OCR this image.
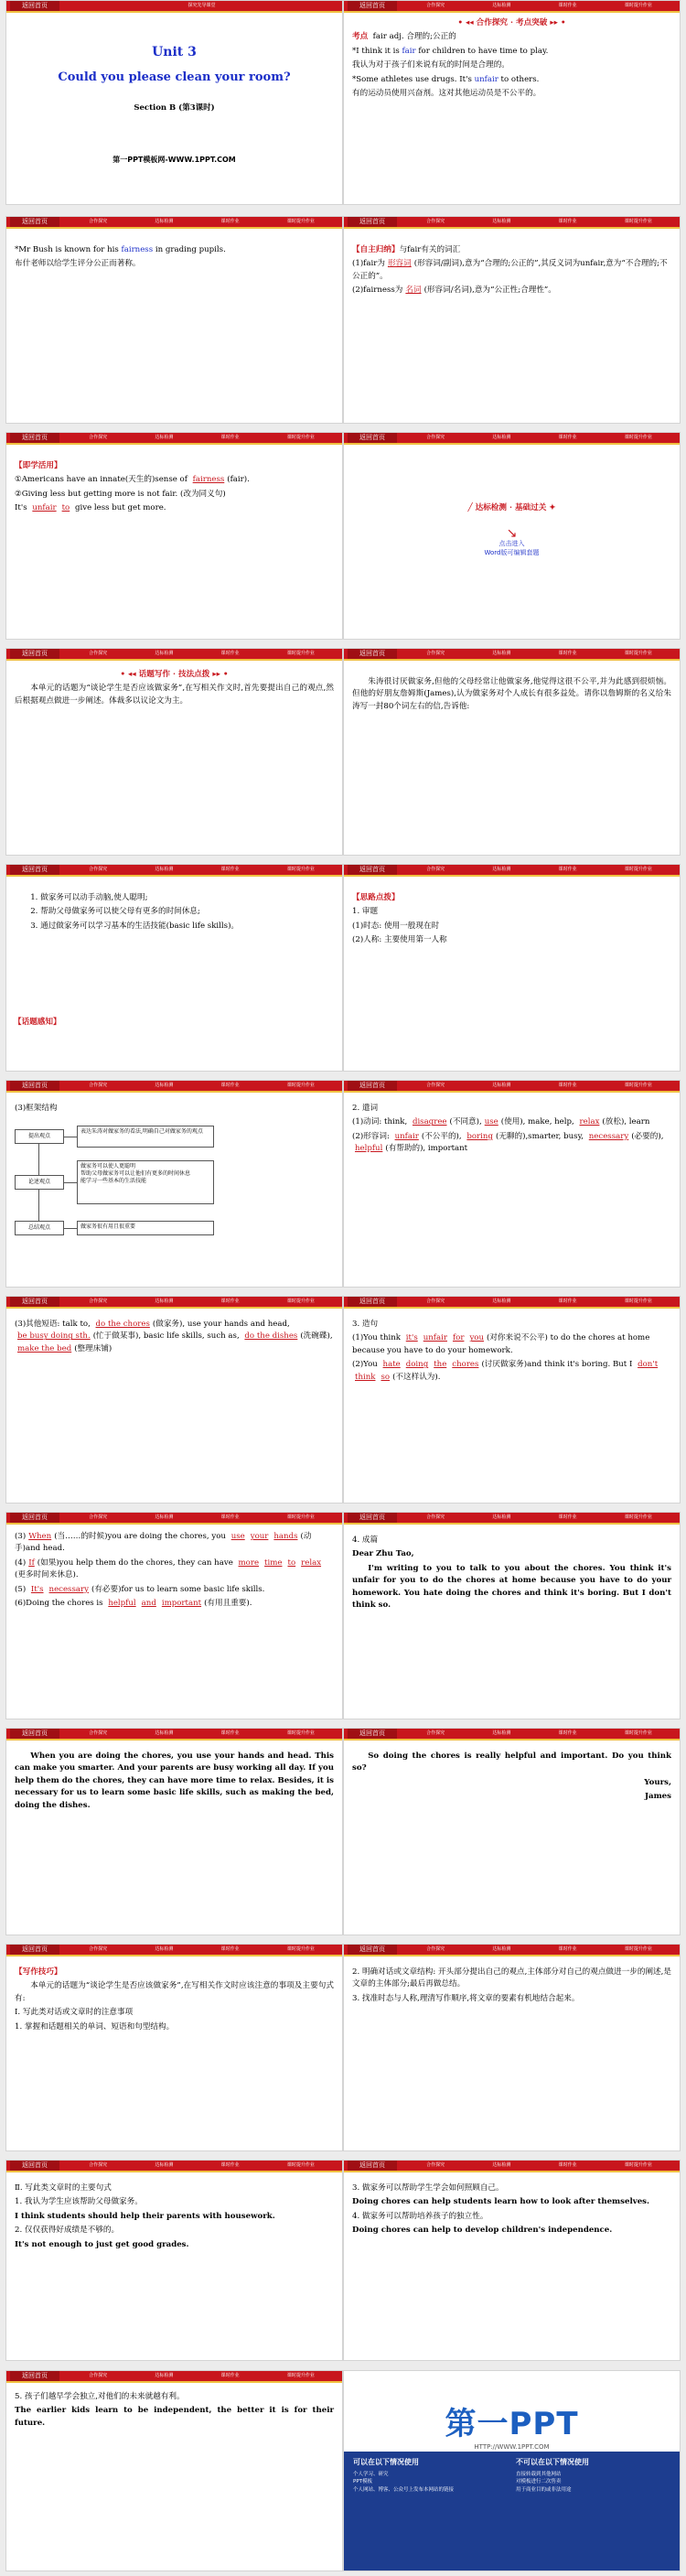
返回首页	探究先导课堂
Unit 3
Could you please clean your room?
Section B (第3课时)
第一PPT模板网-WWW.1PPT.COM
返回首页	合作探究	达标检测	课时作业	课时提升作业

• ◂◂ 合作探究 · 考点突破 ▸▸ •

考点 fair adj. 合理的;公正的

*I think it is fair for children to have time to play.

我认为对于孩子们来说有玩的时间是合理的。

*Some athletes use drugs. It's unfair to others.

有的运动员使用兴奋剂。这对其他运动员是不公平的。

返回首页	合作探究	达标检测	课时作业	课时提升作业

*Mr Bush is known for his fairness in grading pupils.

布什老师以给学生评分公正而著称。

返回首页	合作探究	达标检测	课时作业	课时提升作业

【自主归纳】与fair有关的词汇

(1)fair为 形容词 (形容词/副词),意为“合理的;公正的”,其反义词为unfair,意为“不合理的;不公正的”。

(2)fairness为 名词 (形容词/名词),意为“公正性;合理性”。

返回首页	合作探究	达标检测	课时作业	课时提升作业

【即学活用】

①Americans have an innate(天生的)sense of fairness (fair).

②Giving less but getting more is not fair. (改为同义句)

It's unfair to give less but get more.

返回首页	合作探究	达标检测	课时作业	课时提升作业

╱ 达标检测 · 基础过关 ✦

↘
点击进入
Word版可编辑套题
返回首页	合作探究	达标检测	课时作业	课时提升作业

• ◂◂ 话题写作 · 技法点拨 ▸▸ •

本单元的话题为“谈论学生是否应该做家务”,在写相关作文时,首先要提出自己的观点,然后根据观点做进一步阐述。体裁多以议论文为主。

返回首页	合作探究	达标检测	课时作业	课时提升作业

朱涛很讨厌做家务,但他的父母经常让他做家务,他觉得这很不公平,并为此感到很烦恼。但他的好朋友詹姆斯(James),认为做家务对个人成长有很多益处。请你以詹姆斯的名义给朱涛写一封80个词左右的信,告诉他:

返回首页	合作探究	达标检测	课时作业	课时提升作业

1. 做家务可以动手动脑,使人聪明;

2. 帮助父母做家务可以使父母有更多的时间休息;

3. 通过做家务可以学习基本的生活技能(basic life skills)。

返回首页	合作探究	达标检测	课时作业	课时提升作业

【思路点拨】

1. 审题

(1)时态: 使用一般现在时

(2)人称: 主要使用第一人称

返回首页	合作探究	达标检测	课时作业	课时提升作业

(3)框架结构

提出观点
论述观点
总结观点
表达朱涛对做家务的看法,明确自己对做家务的观点
做家务可以使人更聪明
帮助父母做家务可以让他们有更多的时间休息
能学习一些基本的生活技能
做家务很有用且很重要
返回首页	合作探究	达标检测	课时作业	课时提升作业

2. 遣词

(1)动词: think, disagree (不同意), use (使用), make, help, relax (放松), learn

(2)形容词: unfair (不公平的), boring (无聊的),smarter, busy, necessary (必要的), helpful (有帮助的), important

返回首页	合作探究	达标检测	课时作业	课时提升作业

(3)其他短语: talk to, do the chores (做家务), use your hands and head, be busy doing sth. (忙于做某事), basic life skills, such as, do the dishes (洗碗碟), make the bed (整理床铺)

返回首页	合作探究	达标检测	课时作业	课时提升作业

3. 造句

(1)You think it's unfair for you (对你来说不公平) to do the chores at home because you have to do your homework.

(2)You hate doing the chores (讨厌做家务)and think it's boring. But I don'tthink so (不这样认为).

返回首页	合作探究	达标检测	课时作业	课时提升作业

(3) When (当……的时候)you are doing the chores, you use your hands (动手)and head.

(4) If (如果)you help them do the chores, they can have more time to relax(更多时间来休息).

(5) It's necessary (有必要)for us to learn some basic life skills.

(6)Doing the chores is helpful and important (有用且重要).

返回首页	合作探究	达标检测	课时作业	课时提升作业

4. 成篇

Dear Zhu Tao,

I'm writing to you to talk to you about the chores. You think it's unfair for you to do the chores at home because you have to do your homework. You hate doing the chores and think it's boring. But I don't think so.

返回首页	合作探究	达标检测	课时作业	课时提升作业

When you are doing the chores, you use your hands and head. This can make you smarter. And your parents are busy working all day. If you help them do the chores, they can have more time to relax. Besides, it is necessary for us to learn some basic life skills, such as making the bed, doing the dishes.

返回首页	合作探究	达标检测	课时作业	课时提升作业

So doing the chores is really helpful and important. Do you think so?

Yours,

James

返回首页	合作探究	达标检测	课时作业	课时提升作业

【写作技巧】

本单元的话题为“谈论学生是否应该做家务”,在写相关作文时应该注意的事项及主要句式有:

Ⅰ. 写此类对话或文章时的注意事项

1. 掌握和话题相关的单词、短语和句型结构。

返回首页	合作探究	达标检测	课时作业	课时提升作业

2. 明确对话或文章结构: 开头部分提出自己的观点,主体部分对自己的观点做进一步的阐述,是文章的主体部分;最后再做总结。

3. 找准时态与人称,理清写作顺序,将文章的要素有机地结合起来。

返回首页	合作探究	达标检测	课时作业	课时提升作业

Ⅱ. 写此类文章时的主要句式

1. 我认为学生应该帮助父母做家务。

I think students should help their parents with housework.

2. 仅仅获得好成绩是不够的。

It's not enough to just get good grades.

返回首页	合作探究	达标检测	课时作业	课时提升作业

3. 做家务可以帮助学生学会如何照顾自己。

Doing chores can help students learn how to look after themselves.

4. 做家务可以帮助培养孩子的独立性。

Doing chores can help to develop children's independence.

返回首页	合作探究	达标检测	课时作业	课时提升作业

5. 孩子们越早学会独立,对他们的未来就越有利。

The earlier kids learn to be independent, the better it is for their future.	第一PPT
HTTP://WWW.1PPT.COM
可以在以下情况使用
个人学习、研究
PPT模板
个人网站、博客、公众号上发布本网站的链接
不可以在以下情况使用
直接转载到其他网站
对模板进行二次售卖
用于商业目的或非法用途
【话题感知】
